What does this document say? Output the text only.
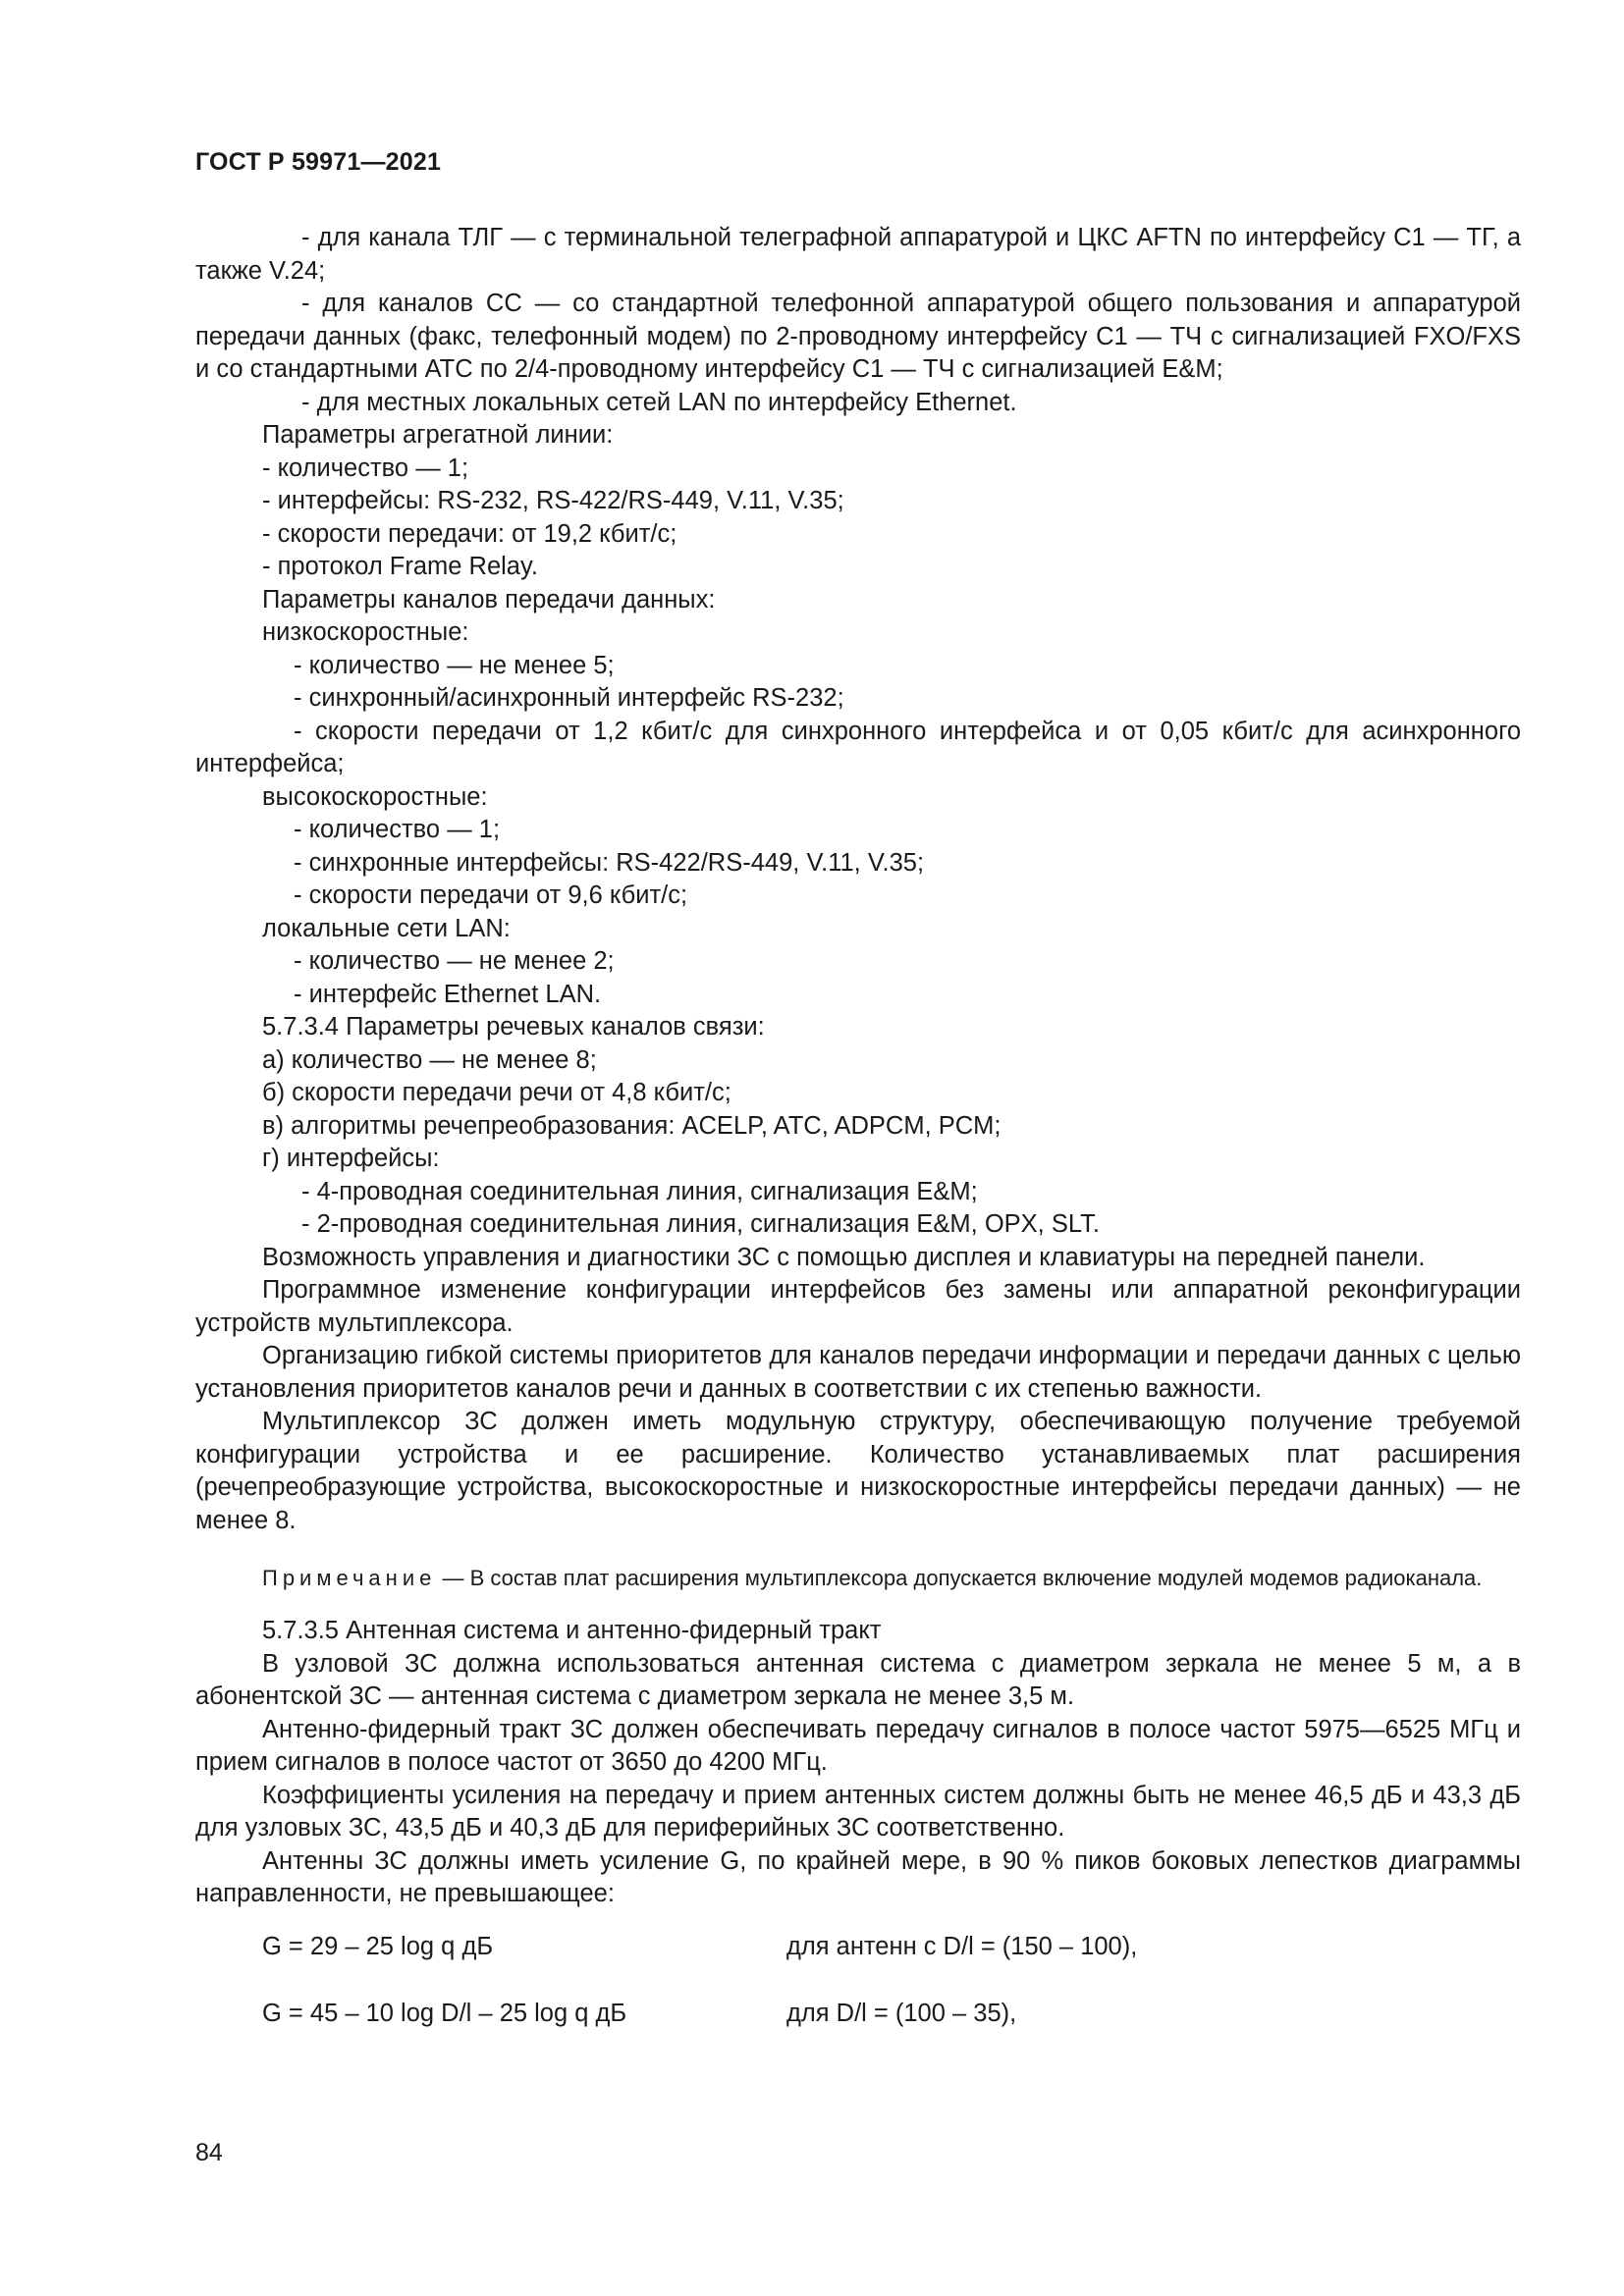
ГОСТ Р 59971—2021

- для канала ТЛГ — с терминальной телеграфной аппаратурой и ЦКС AFTN по интерфейсу С1 — ТГ, а также V.24;

- для каналов СС — со стандартной телефонной аппаратурой общего пользования и аппаратурой передачи данных (факс, телефонный модем) по 2-проводному интерфейсу С1 — ТЧ с сигнализацией FXO/FXS и со стандартными АТС по 2/4-проводному интерфейсу С1 — ТЧ с сигнализацией E&M;

- для местных локальных сетей LAN по интерфейсу Ethernet.

Параметры агрегатной линии:

- количество — 1;

- интерфейсы: RS-232, RS-422/RS-449, V.11, V.35;

- скорости передачи: от 19,2 кбит/с;

- протокол Frame Relay.

Параметры каналов передачи данных:

низкоскоростные:

- количество — не менее 5;

- синхронный/асинхронный интерфейс RS-232;

- скорости передачи от 1,2 кбит/с для синхронного интерфейса и от 0,05 кбит/с для асинхронного интерфейса;

высокоскоростные:

- количество — 1;

- синхронные интерфейсы: RS-422/RS-449, V.11, V.35;

- скорости передачи от 9,6 кбит/с;

локальные сети LAN:

- количество — не менее 2;

- интерфейс Ethernet LAN.

5.7.3.4 Параметры речевых каналов связи:

а) количество — не менее 8;

б) скорости передачи речи от 4,8 кбит/с;

в) алгоритмы речепреобразования: ACELP, ATC, ADPCM, PCM;

г) интерфейсы:

- 4-проводная соединительная линия, сигнализация E&M;

- 2-проводная соединительная линия, сигнализация E&M, OPX, SLT.

Возможность управления и диагностики ЗС с помощью дисплея и клавиатуры на передней панели.

Программное изменение конфигурации интерфейсов без замены или аппаратной реконфигурации устройств мультиплексора.

Организацию гибкой системы приоритетов для каналов передачи информации и передачи данных с целью установления приоритетов каналов речи и данных в соответствии с их степенью важности.

Мультиплексор ЗС должен иметь модульную структуру, обеспечивающую получение требуемой конфигурации устройства и ее расширение. Количество устанавливаемых плат расширения (речепреобразующие устройства, высокоскоростные и низкоскоростные интерфейсы передачи данных) — не менее 8.

Примечание — В состав плат расширения мультиплексора допускается включение модулей модемов радиоканала.

5.7.3.5 Антенная система и антенно-фидерный тракт

В узловой ЗС должна использоваться антенная система с диаметром зеркала не менее 5 м, а в абонентской ЗС — антенная система с диаметром зеркала не менее 3,5 м.

Антенно-фидерный тракт ЗС должен обеспечивать передачу сигналов в полосе частот 5975—6525 МГц и прием сигналов в полосе частот от 3650 до 4200 МГц.

Коэффициенты усиления на передачу и прием антенных систем должны быть не менее 46,5 дБ и 43,3 дБ для узловых ЗС, 43,5 дБ и 40,3 дБ для периферийных ЗС соответственно.

Антенны ЗС должны иметь усиление G, по крайней мере, в 90 % пиков боковых лепестков диаграммы направленности, не превышающее:

G = 29 – 25 log q дБ	для антенн с D/l = (150 – 100),
G = 45 – 10 log D/l – 25 log q дБ	для D/l = (100 – 35),
84
